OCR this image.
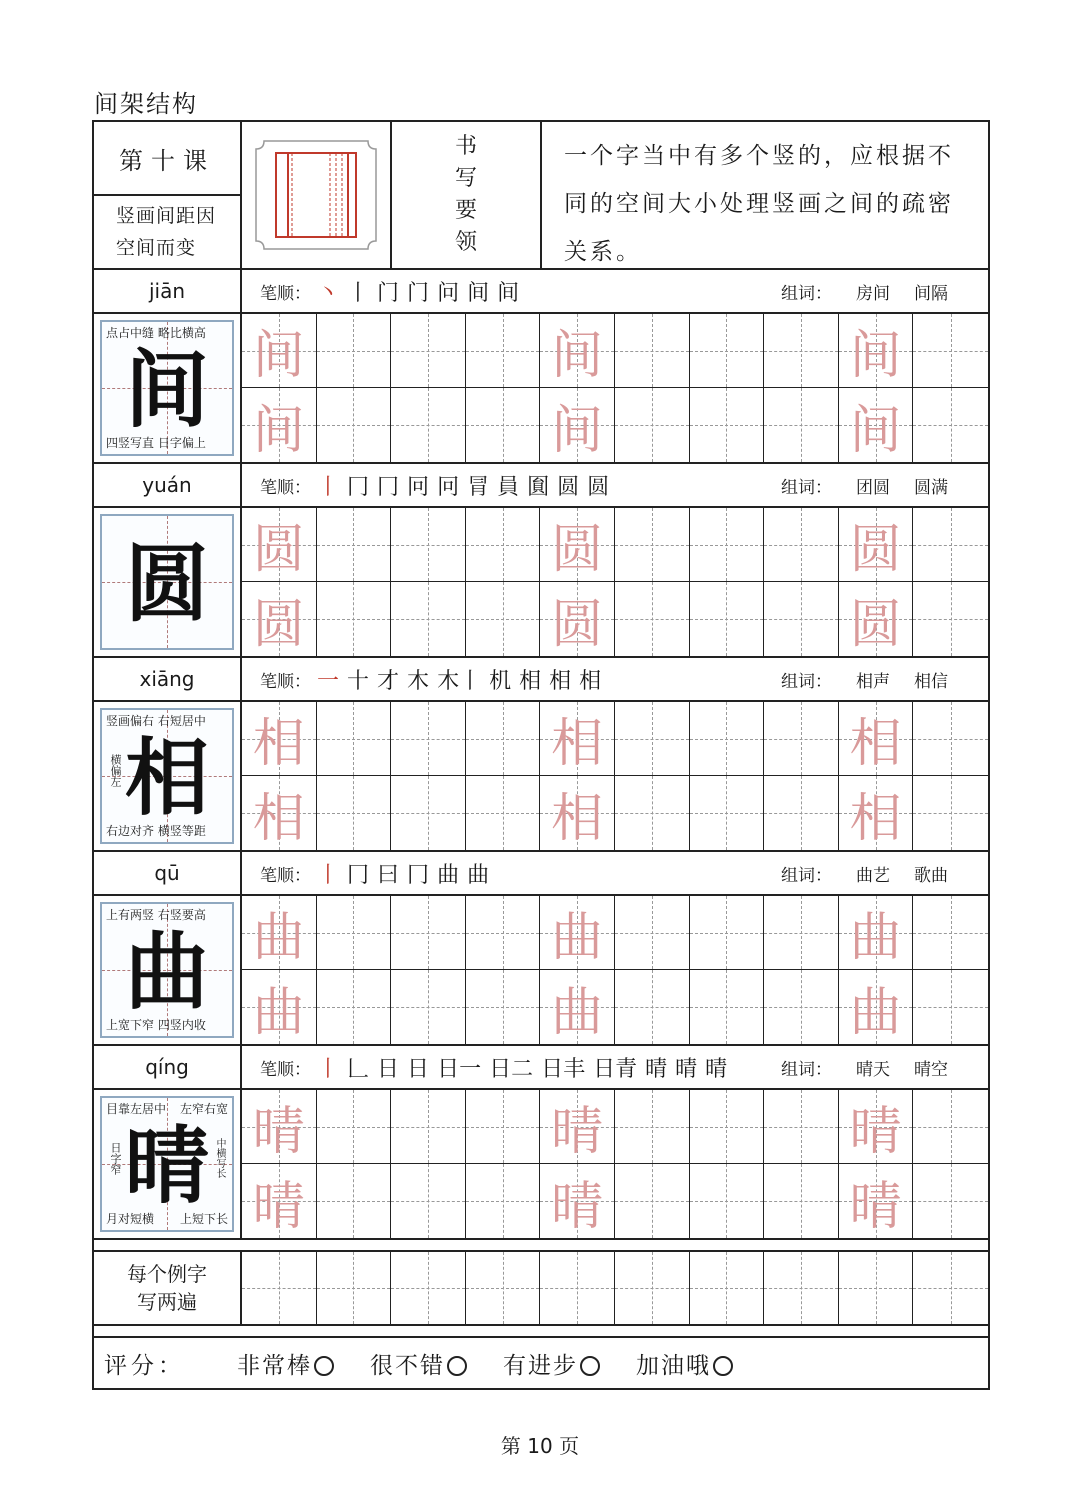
间架结构
第十课
竖画间距因
空间而变
书
写
要
领
一个字当中有多个竖的，应根据不同的空间大小处理竖画之间的疏密关系。
jiān	笔顺： 丶 丨 门 门 问 间 间	组词： 房间 间隔
间
点占中缝 略比横高
四竖写直 日字偏上
间	间	间
间	间	间
yuán	笔顺： 丨 冂 冂 冋 冋 冐 員 圎 圆 圆	组词： 团圆 圆满
圆 圆	圆	圆
圆	圆	圆
xiāng	笔顺： 一 十 才 木 木丨 机 相 相 相	组词： 相声 相信
相
竖画偏右 右短居中
右边对齐 横竖等距
横偏左	相	相	相
相	相	相
qū	笔顺： 丨 冂 曰 冂 曲 曲	组词： 曲艺 歌曲
曲
上有两竖 右竖要高
上宽下窄 四竖内收
曲	曲	曲
曲	曲	曲
qíng	笔顺： 丨 𠃊 日 日 日一 日二 日丰 日青 晴 晴 晴	组词： 晴天 晴空
晴
目靠左居中 左窄右宽
月对短横 上短下长
日字窄	中横写长 晴	晴	晴
晴	晴	晴
每个例字
写两遍
评分： 非常棒	很不错	有进步	加油哦
第 10 页
